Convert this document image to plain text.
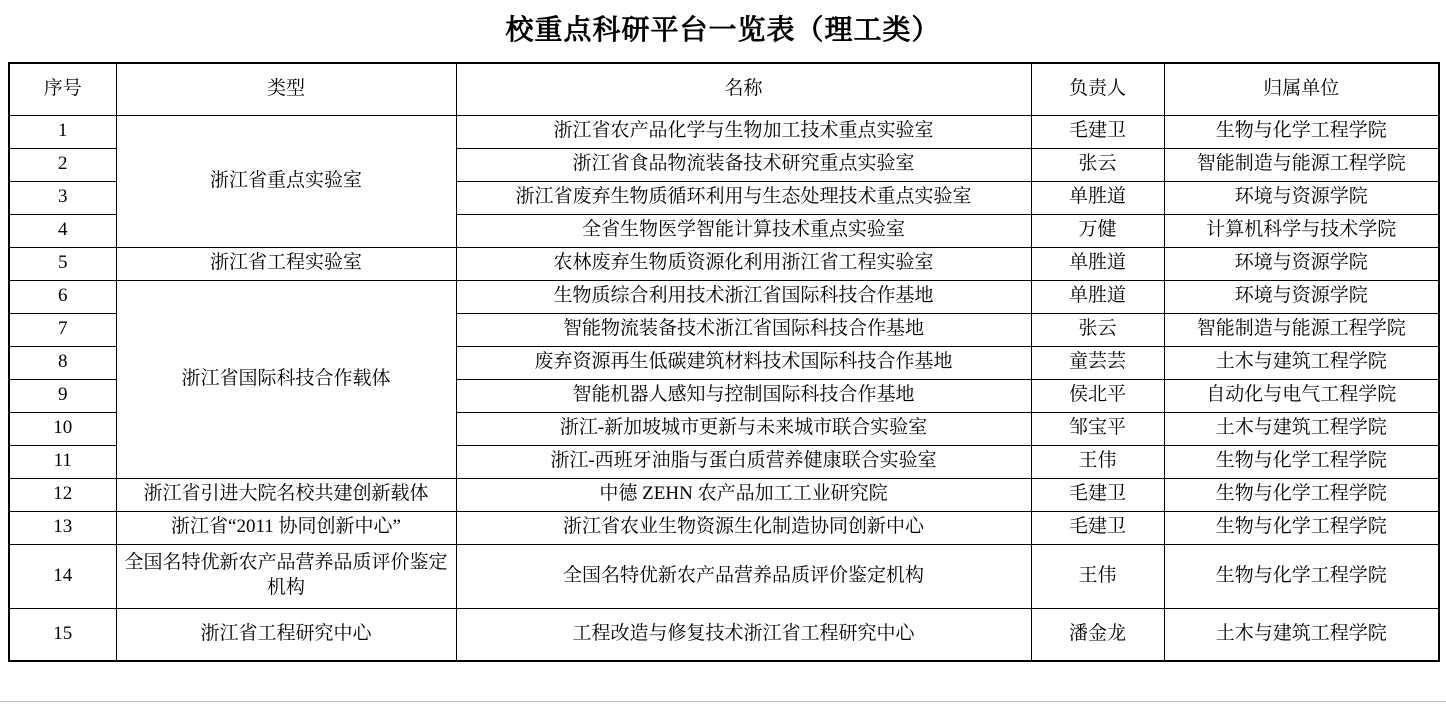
校重点科研平台一览表（理工类）
序号	类型	名称	负责人	归属单位
1	浙江省重点实验室	浙江省农产品化学与生物加工技术重点实验室	毛建卫	生物与化学工程学院
2		浙江省食品物流装备技术研究重点实验室	张云	智能制造与能源工程学院
3		浙江省废弃生物质循环利用与生态处理技术重点实验室	单胜道	环境与资源学院
4		全省生物医学智能计算技术重点实验室	万健	计算机科学与技术学院
5	浙江省工程实验室	农林废弃生物质资源化利用浙江省工程实验室	单胜道	环境与资源学院
6	浙江省国际科技合作载体	生物质综合利用技术浙江省国际科技合作基地	单胜道	环境与资源学院
7		智能物流装备技术浙江省国际科技合作基地	张云	智能制造与能源工程学院
8		废弃资源再生低碳建筑材料技术国际科技合作基地	童芸芸	土木与建筑工程学院
9		智能机器人感知与控制国际科技合作基地	侯北平	自动化与电气工程学院
10		浙江-新加坡城市更新与未来城市联合实验室	邹宝平	土木与建筑工程学院
11		浙江-西班牙油脂与蛋白质营养健康联合实验室	王伟	生物与化学工程学院
12	浙江省引进大院名校共建创新载体	中德 ZEHN 农产品加工工业研究院	毛建卫	生物与化学工程学院
13	浙江省“2011 协同创新中心”	浙江省农业生物资源生化制造协同创新中心	毛建卫	生物与化学工程学院
14	全国名特优新农产品营养品质评价鉴定机构	全国名特优新农产品营养品质评价鉴定机构	王伟	生物与化学工程学院
15	浙江省工程研究中心	工程改造与修复技术浙江省工程研究中心	潘金龙	土木与建筑工程学院
